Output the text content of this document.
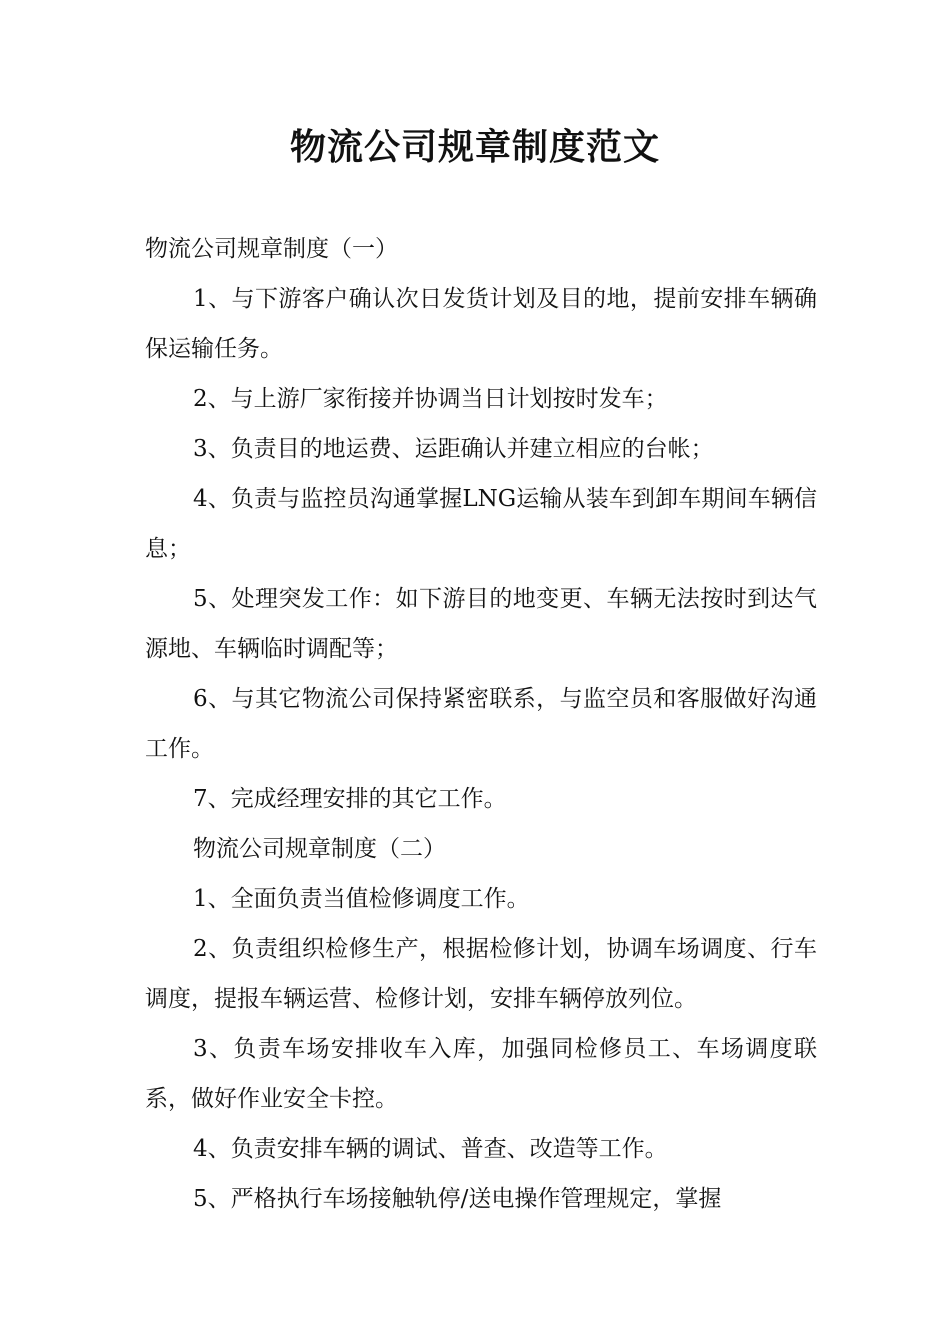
物流公司规章制度范文

物流公司规章制度（一）

1、与下游客户确认次日发货计划及目的地，提前安排车辆确保运输任务。

2、与上游厂家衔接并协调当日计划按时发车；

3、负责目的地运费、运距确认并建立相应的台帐；

4、负责与监控员沟通掌握LNG运输从装车到卸车期间车辆信息；

5、处理突发工作：如下游目的地变更、车辆无法按时到达气源地、车辆临时调配等；

6、与其它物流公司保持紧密联系，与监空员和客服做好沟通工作。

7、完成经理安排的其它工作。

物流公司规章制度（二）

1、全面负责当值检修调度工作。

2、负责组织检修生产，根据检修计划，协调车场调度、行车调度，提报车辆运营、检修计划，安排车辆停放列位。

3、负责车场安排收车入库，加强同检修员工、车场调度联系，做好作业安全卡控。

4、负责安排车辆的调试、普查、改造等工作。

5、严格执行车场接触轨停/送电操作管理规定，掌握
